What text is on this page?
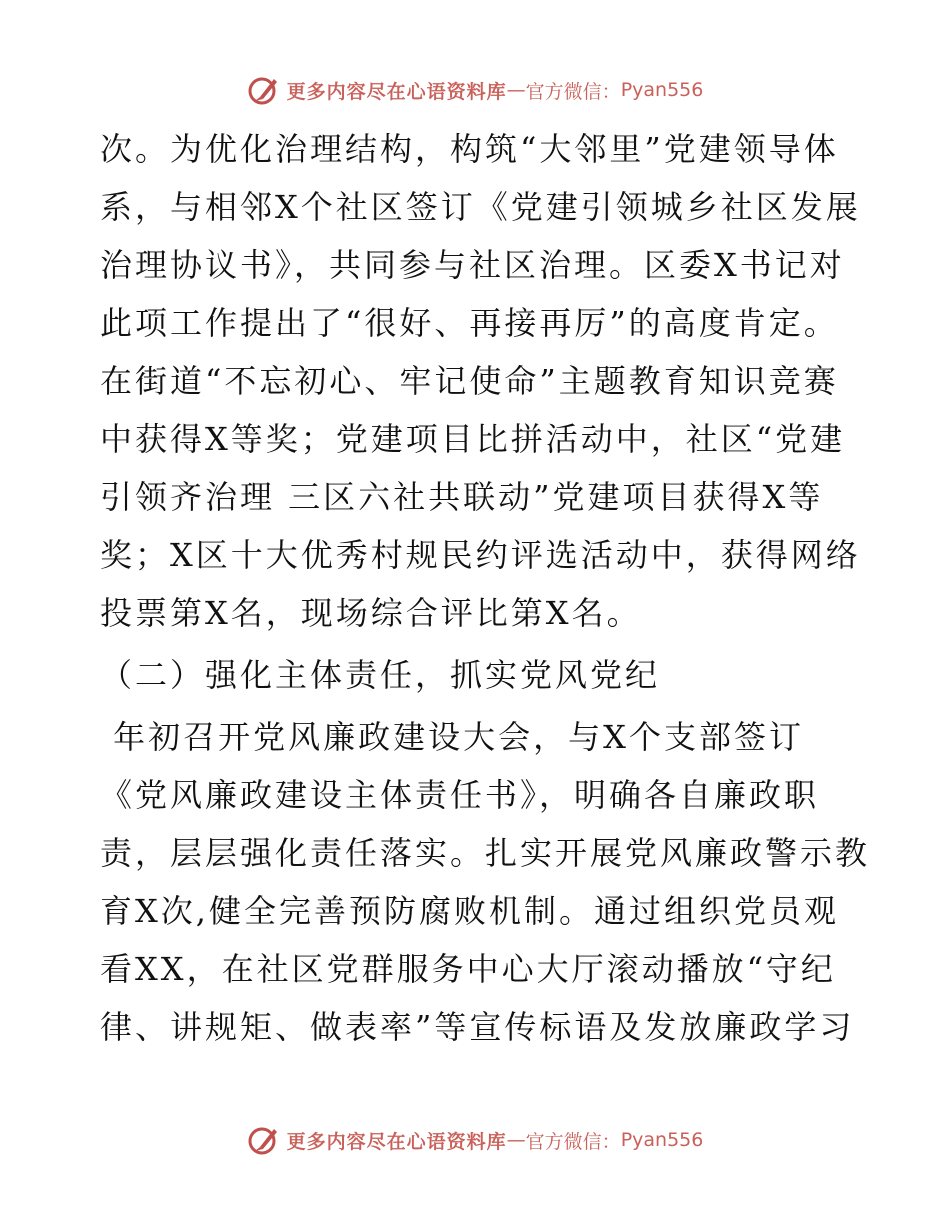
更多内容尽在心语资料库 — 官方微信： Pyan556
次。为优化治理结构，构筑“大邻里”党建领导体
系，与相邻X个社区签订《党建引领城乡社区发展
治理协议书》，共同参与社区治理。区委X书记对
此项工作提出了“很好、再接再厉”的高度肯定。
在街道“不忘初心、牢记使命”主题教育知识竞赛
中获得X等奖；党建项目比拼活动中，社区“党建
引领齐治理 三区六社共联动”党建项目获得X等
奖；X区十大优秀村规民约评选活动中，获得网络
投票第X名，现场综合评比第X名。
（二）强化主体责任，抓实党风党纪
年初召开党风廉政建设大会，与X个支部签订
《党风廉政建设主体责任书》，明确各自廉政职
责，层层强化责任落实。扎实开展党风廉政警示教
育X次,健全完善预防腐败机制。通过组织党员观
看XX，在社区党群服务中心大厅滚动播放“守纪
律、讲规矩、做表率”等宣传标语及发放廉政学习
更多内容尽在心语资料库 — 官方微信： Pyan556
